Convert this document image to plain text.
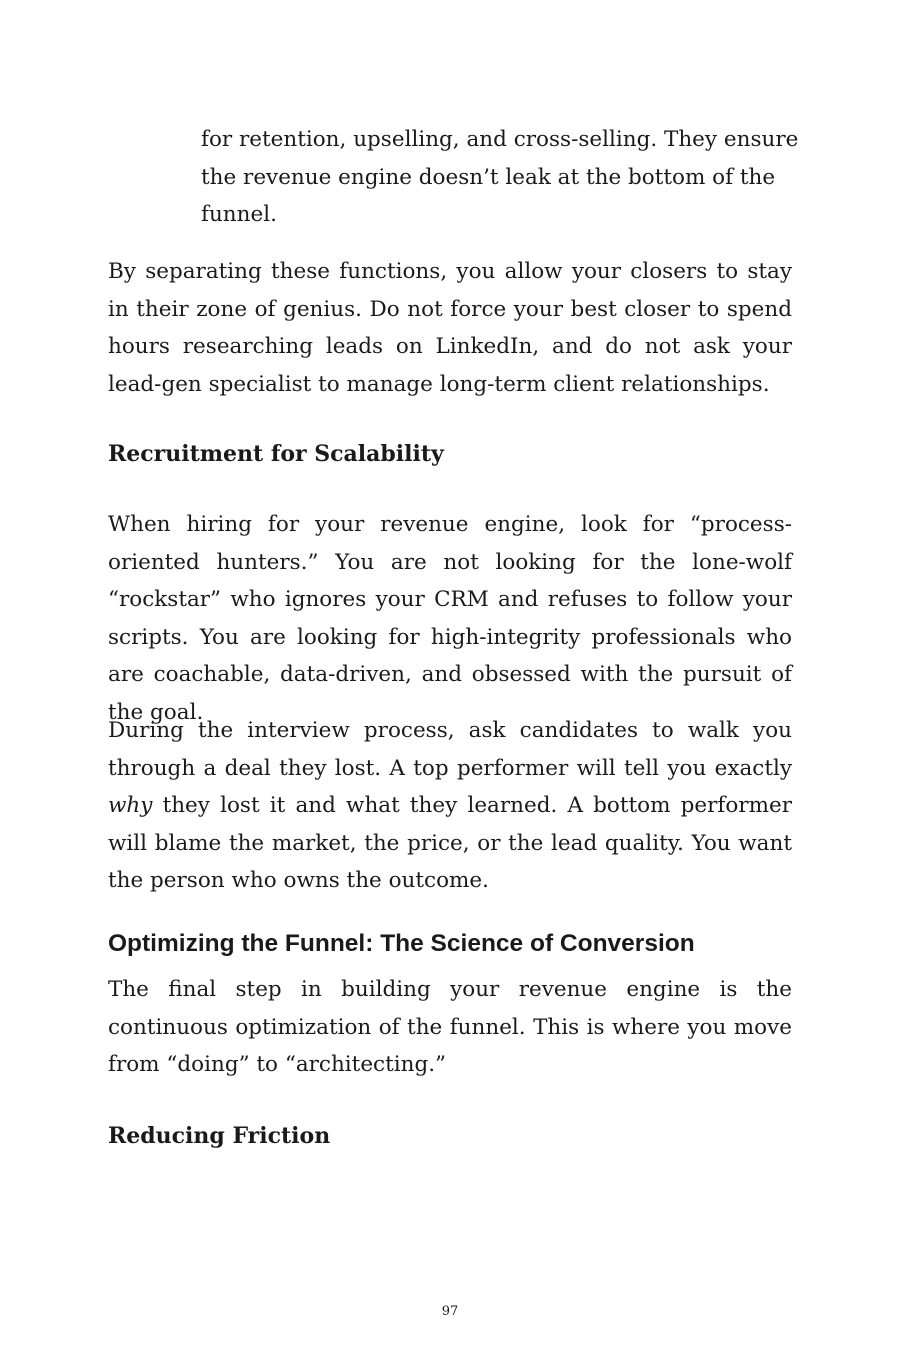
for retention, upselling, and cross-selling. They ensure the revenue engine doesn’t leak at the bottom of the funnel.

By separating these functions, you allow your closers to stay in their zone of genius. Do not force your best closer to spend hours researching leads on LinkedIn, and do not ask your lead-gen specialist to manage long-term client relationships.

Recruitment for Scalability

When hiring for your revenue engine, look for “process-oriented hunters.” You are not looking for the lone-wolf “rockstar” who ignores your CRM and refuses to follow your scripts. You are looking for high-integrity professionals who are coachable, data-driven, and obsessed with the pursuit of the goal.

During the interview process, ask candidates to walk you through a deal they lost. A top performer will tell you exactly why they lost it and what they learned. A bottom performer will blame the market, the price, or the lead quality. You want the person who owns the outcome.

Optimizing the Funnel: The Science of Conversion

The final step in building your revenue engine is the continuous optimization of the funnel. This is where you move from “doing” to “architecting.”

Reducing Friction
97
